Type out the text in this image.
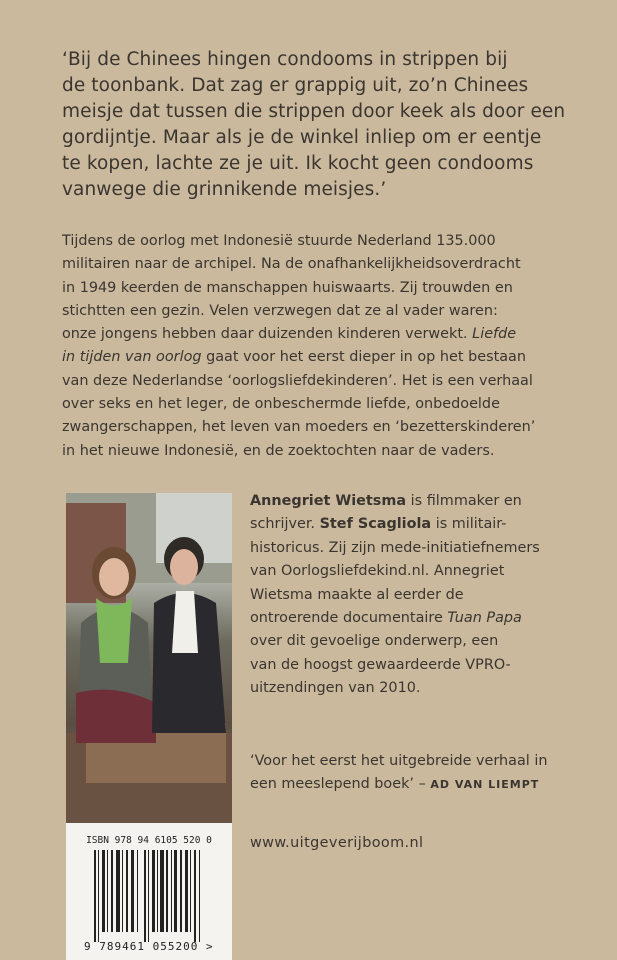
‘Bij de Chinees hingen condooms in strippen bij
de toonbank. Dat zag er grappig uit, zo’n Chinees
meisje dat tussen die strippen door keek als door een
gordijntje. Maar als je de winkel inliep om er eentje
te kopen, lachte ze je uit. Ik kocht geen condooms
vanwege die grinnikende meisjes.’
Tijdens de oorlog met Indonesië stuurde Nederland 135.000
militairen naar de archipel. Na de onafhankelijkheidsoverdracht
in 1949 keerden de manschappen huiswaarts. Zij trouwden en
stichtten een gezin. Velen verzwegen dat ze al vader waren:
onze jongens hebben daar duizenden kinderen verwekt. Liefde
in tijden van oorlog gaat voor het eerst dieper in op het bestaan
van deze Nederlandse ‘oorlogsliefdekinderen’. Het is een verhaal
over seks en het leger, de onbeschermde liefde, onbedoelde
zwangerschappen, het leven van moeders en ‘bezetterskinderen’
in het nieuwe Indonesië, en de zoektochten naar de vaders.
ISBN 978 94 6105 520 0
9 789461 055200 >
Annegriet Wietsma is filmmaker en
schrijver. Stef Scagliola is militair-
historicus. Zij zijn mede-initiatiefnemers
van Oorlogsliefdekind.nl. Annegriet
Wietsma maakte al eerder de
ontroerende documentaire Tuan Papa
over dit gevoelige onderwerp, een
van de hoogst gewaardeerde VPRO-
uitzendingen van 2010.
‘Voor het eerst het uitgebreide verhaal in
een meeslepend boek’ – AD VAN LIEMPT
www.uitgeverijboom.nl
